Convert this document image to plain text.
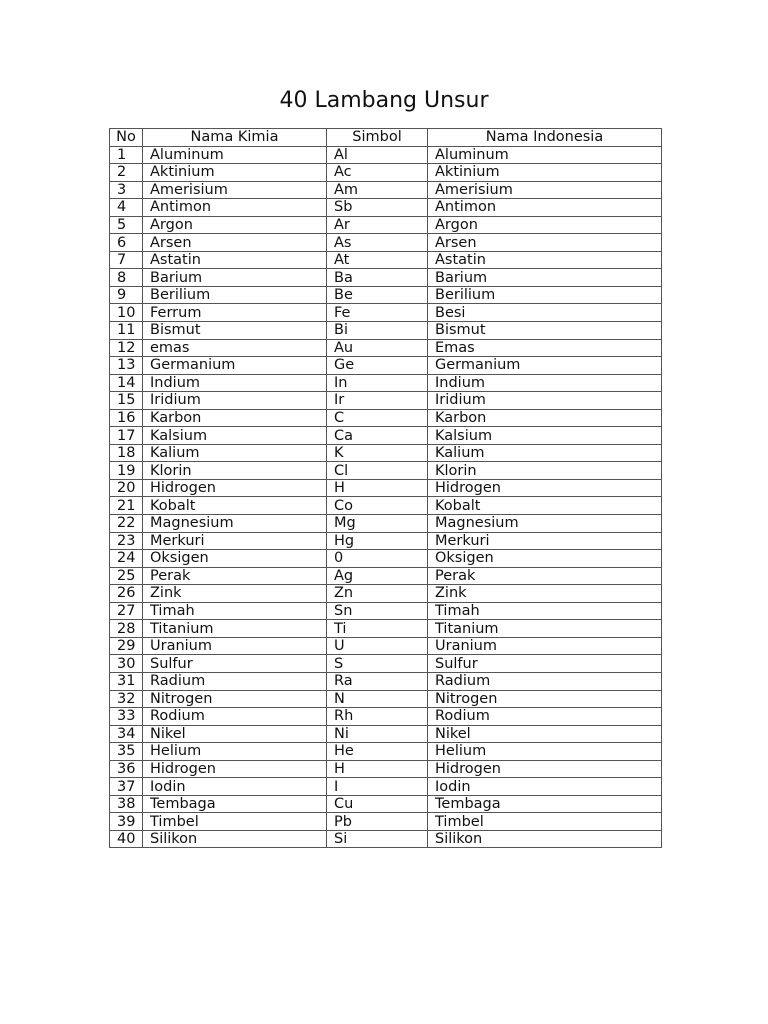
40 Lambang Unsur
No	Nama Kimia	Simbol	Nama Indonesia
1	Aluminum	Al	Aluminum
2	Aktinium	Ac	Aktinium
3	Amerisium	Am	Amerisium
4	Antimon	Sb	Antimon
5	Argon	Ar	Argon
6	Arsen	As	Arsen
7	Astatin	At	Astatin
8	Barium	Ba	Barium
9	Berilium	Be	Berilium
10	Ferrum	Fe	Besi
11	Bismut	Bi	Bismut
12	emas	Au	Emas
13	Germanium	Ge	Germanium
14	Indium	In	Indium
15	Iridium	Ir	Iridium
16	Karbon	C	Karbon
17	Kalsium	Ca	Kalsium
18	Kalium	K	Kalium
19	Klorin	Cl	Klorin
20	Hidrogen	H	Hidrogen
21	Kobalt	Co	Kobalt
22	Magnesium	Mg	Magnesium
23	Merkuri	Hg	Merkuri
24	Oksigen	0	Oksigen
25	Perak	Ag	Perak
26	Zink	Zn	Zink
27	Timah	Sn	Timah
28	Titanium	Ti	Titanium
29	Uranium	U	Uranium
30	Sulfur	S	Sulfur
31	Radium	Ra	Radium
32	Nitrogen	N	Nitrogen
33	Rodium	Rh	Rodium
34	Nikel	Ni	Nikel
35	Helium	He	Helium
36	Hidrogen	H	Hidrogen
37	Iodin	I	Iodin
38	Tembaga	Cu	Tembaga
39	Timbel	Pb	Timbel
40	Silikon	Si	Silikon
